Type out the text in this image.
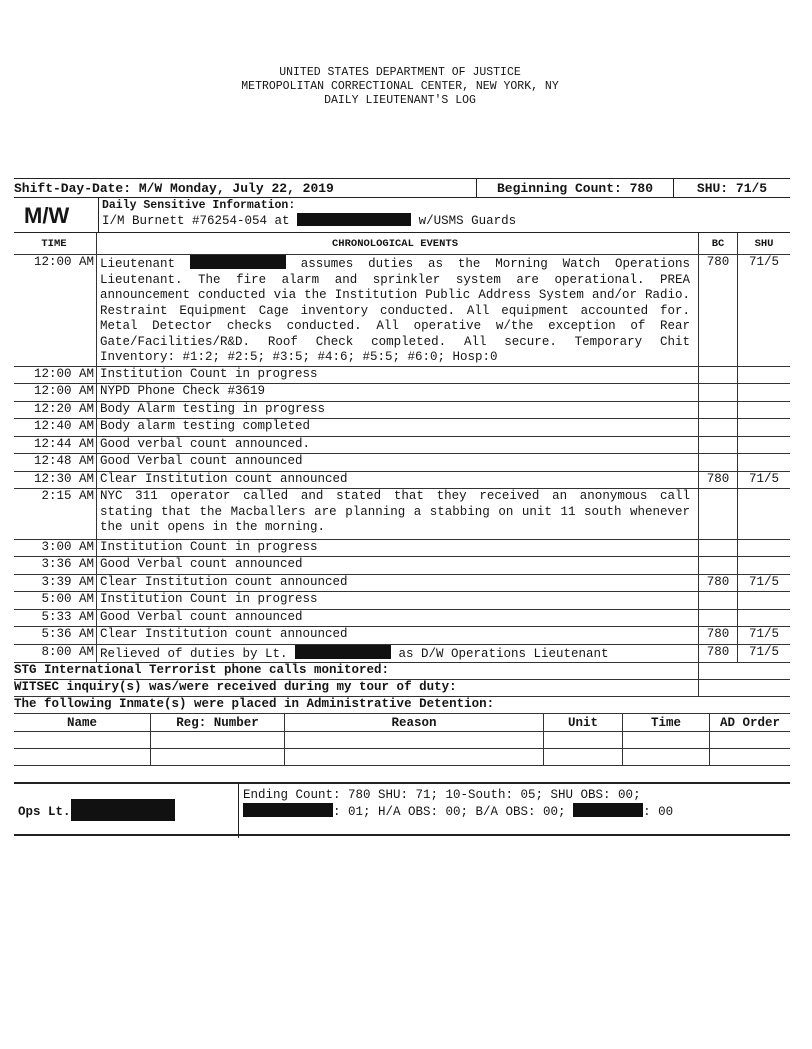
UNITED STATES DEPARTMENT OF JUSTICE
METROPOLITAN CORRECTIONAL CENTER, NEW YORK, NY
DAILY LIEUTENANT'S LOG
Shift-Day-Date: M/W Monday, July 22, 2019	Beginning Count: 780	SHU: 71/5
M/W	Daily Sensitive Information:
I/M Burnett #76254-054 at	w/USMS Guards
TIME	CHRONOLOGICAL EVENTS	BC	SHU
12:00 AM	Lieutenant assumes duties as the Morning Watch Operations Lieutenant. The fire alarm and sprinkler system are operational. PREA announcement conducted via the Institution Public Address System and/or Radio. Restraint Equipment Cage inventory conducted. All equipment accounted for. Metal Detector checks conducted. All operative w/the exception of Rear Gate/Facilities/R&D. Roof Check completed. All secure. Temporary Chit Inventory: #1:2; #2:5; #3:5; #4:6; #5:5; #6:0; Hosp:0	780	71/5
12:00 AM	Institution Count in progress		
12:00 AM	NYPD Phone Check #3619		
12:20 AM	Body Alarm testing in progress		
12:40 AM	Body alarm testing completed		
12:44 AM	Good verbal count announced.		
12:48 AM	Good Verbal count announced		
12:30 AM	Clear Institution count announced	780	71/5
2:15 AM	NYC 311 operator called and stated that they received an anonymous call stating that the Macballers are planning a stabbing on unit 11 south whenever the unit opens in the morning.		
3:00 AM	Institution Count in progress		
3:36 AM	Good Verbal count announced		
3:39 AM	Clear Institution count announced	780	71/5
5:00 AM	Institution Count in progress		
5:33 AM	Good Verbal count announced		
5:36 AM	Clear Institution count announced	780	71/5
8:00 AM	Relieved of duties by Lt. as D/W Operations Lieutenant	780	71/5
STG International Terrorist phone calls monitored:	
WITSEC inquiry(s) was/were received during my tour of duty:	
The following Inmate(s) were placed in Administrative Detention:	
Name	Reg: Number	Reason	Unit	Time	AD Order

Ops Lt.
Ending Count: 780 SHU: 71; 10-South: 05; SHU OBS: 00;
: 01; H/A OBS: 00; B/A OBS: 00;	: 00
